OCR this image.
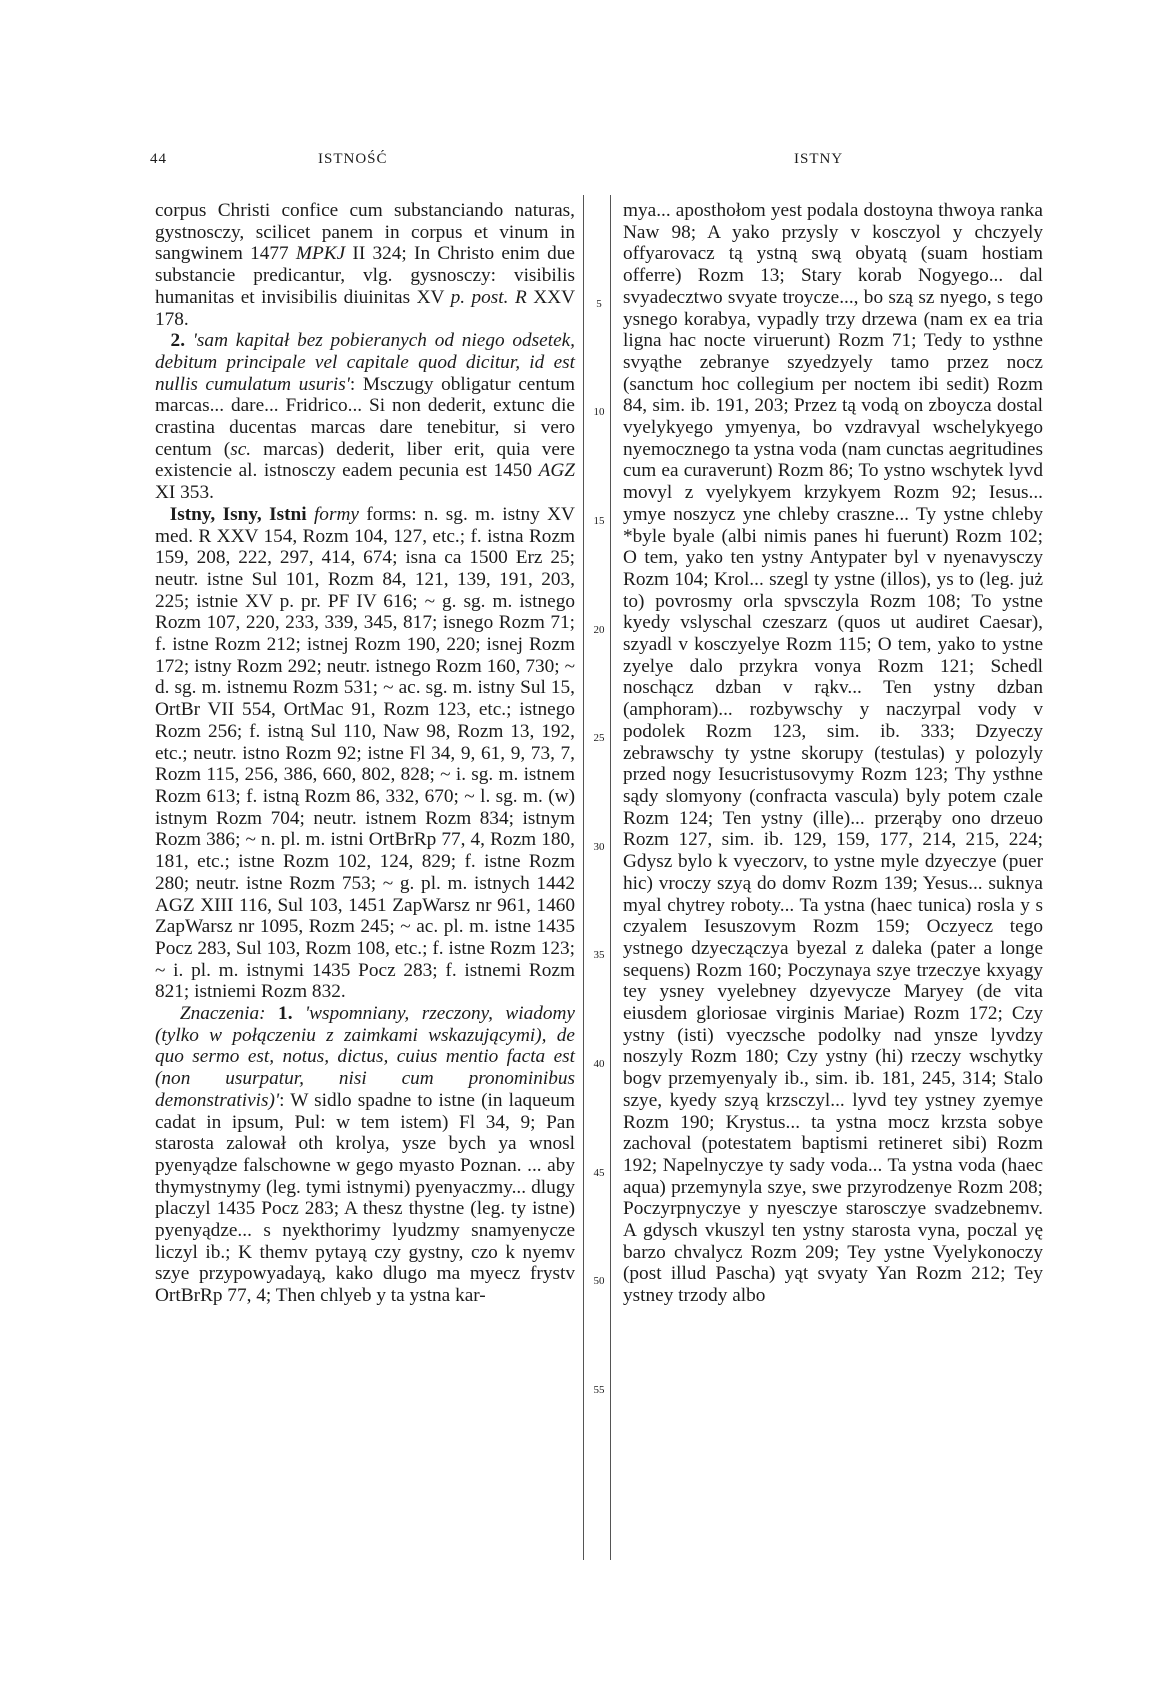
44	ISTNOŚĆ	ISTNY
5
10
15
20
25
30
35
40
45
50
55

corpus Christi confice cum substanciando naturas, gystnosczy, scilicet panem in corpus et vinum in sangwinem 1477 MPKJ II 324; In Christo enim due substancie predicantur, vlg. gysnosczy: visibilis humanitas et invisibilis diuinitas XV p. post. R XXV 178.

2. 'sam kapitał bez pobieranych od niego odsetek, debitum principale vel capitale quod dicitur, id est nullis cumulatum usuris': Msczugy obligatur centum marcas... dare... Fridrico... Si non dederit, extunc die crastina ducentas marcas dare tenebitur, si vero centum (sc. marcas) dederit, liber erit, quia vere existencie al. istnosczy eadem pecunia est 1450 AGZ XI 353.

Istny, Isny, Istni formy forms: n. sg. m. istny XV med. R XXV 154, Rozm 104, 127, etc.; f. istna Rozm 159, 208, 222, 297, 414, 674; isna ca 1500 Erz 25; neutr. istne Sul 101, Rozm 84, 121, 139, 191, 203, 225; istnie XV p. pr. PF IV 616; ~ g. sg. m. istnego Rozm 107, 220, 233, 339, 345, 817; isnego Rozm 71; f. istne Rozm 212; istnej Rozm 190, 220; isnej Rozm 172; istny Rozm 292; neutr. istnego Rozm 160, 730; ~ d. sg. m. istnemu Rozm 531; ~ ac. sg. m. istny Sul 15, OrtBr VII 554, OrtMac 91, Rozm 123, etc.; istnego Rozm 256; f. istną Sul 110, Naw 98, Rozm 13, 192, etc.; neutr. istno Rozm 92; istne Fl 34, 9, 61, 9, 73, 7, Rozm 115, 256, 386, 660, 802, 828; ~ i. sg. m. istnem Rozm 613; f. istną Rozm 86, 332, 670; ~ l. sg. m. (w) istnym Rozm 704; neutr. istnem Rozm 834; istnym Rozm 386; ~ n. pl. m. istni OrtBrRp 77, 4, Rozm 180, 181, etc.; istne Rozm 102, 124, 829; f. istne Rozm 280; neutr. istne Rozm 753; ~ g. pl. m. istnych 1442 AGZ XIII 116, Sul 103, 1451 ZapWarsz nr 961, 1460 ZapWarsz nr 1095, Rozm 245; ~ ac. pl. m. istne 1435 Pocz 283, Sul 103, Rozm 108, etc.; f. istne Rozm 123; ~ i. pl. m. istnymi 1435 Pocz 283; f. istnemi Rozm 821; istniemi Rozm 832.

Znaczenia: 1. 'wspomniany, rzeczony, wiadomy (tylko w połączeniu z zaimkami wskazującymi), de quo sermo est, notus, dictus, cuius mentio facta est (non usurpatur, nisi cum pronominibus demonstrativis)': W sidlo spadne to istne (in laqueum cadat in ipsum, Pul: w tem istem) Fl 34, 9; Pan starosta zalował oth krolya, ysze bych ya wnosl pyenyądze falschowne w gego myasto Poznan. ... aby thymystnymy (leg. tymi istnymi) pyenyaczmy... dlugy placzyl 1435 Pocz 283; A thesz thystne (leg. ty istne) pyenyądze... s nyekthorimy lyudzmy snamyenycze liczyl ib.; K themv pytayą czy gystny, czo k nyemv szye przypowyadayą, kako dlugo ma myecz frystv OrtBrRp 77, 4; Then chlyeb y ta ystna kar-

mya... aposthołom yest podala dostoyna thwoya ranka Naw 98; A yako przysly v kosczyol y chczyely offyarovacz tą ystną swą obyatą (suam hostiam offerre) Rozm 13; Stary korab Nogyego... dal svyadecztwo svyate troycze..., bo szą sz nyego, s tego ysnego korabya, vypadly trzy drzewa (nam ex ea tria ligna hac nocte viruerunt) Rozm 71; Tedy to ysthne svyąthe zebranye szyedzyely tamo przez nocz (sanctum hoc collegium per noctem ibi sedit) Rozm 84, sim. ib. 191, 203; Przez tą vodą on zboycza dostal vyelykyego ymyenya, bo vzdravyal wschelykyego nyemocznego ta ystna voda (nam cunctas aegritudines cum ea curaverunt) Rozm 86; To ystno wschytek lyvd movyl z vyelykyem krzykyem Rozm 92; Iesus... ymye noszycz yne chleby craszne... Ty ystne chleby *byle byale (albi nimis panes hi fuerunt) Rozm 102; O tem, yako ten ystny Antypater byl v nyenavysczy Rozm 104; Krol... szegl ty ystne (illos), ys to (leg. już to) povrosmy orla spvsczyla Rozm 108; To ystne kyedy vslyschal czeszarz (quos ut audiret Caesar), szyadl v kosczyelye Rozm 115; O tem, yako to ystne zyelye dalo przykra vonya Rozm 121; Schedl noschącz dzban v rąkv... Ten ystny dzban (amphoram)... rozbywschy y naczyrpal vody v podolek Rozm 123, sim. ib. 333; Dzyeczy zebrawschy ty ystne skorupy (testulas) y polozyly przed nogy Iesucristusovymy Rozm 123; Thy ysthne sądy slomyony (confracta vascula) byly potem czale Rozm 124; Ten ystny (ille)... przerąbу ono drzeuo Rozm 127, sim. ib. 129, 159, 177, 214, 215, 224; Gdysz bylo k vyeczorv, to ystne myle dzyeczye (puer hic) vroczy szyą do domv Rozm 139; Yesus... suknya myal chytrey roboty... Ta ystna (haec tunica) rosla y s czyalem Iesuszovym Rozm 159; Oczyecz tego ystnego dzyeczączya byezal z daleka (pater a longe sequens) Rozm 160; Poczynaya szye trzeczye kxyagy tey ysney vyelebney dzyevycze Maryey (de vita eiusdem gloriosae virginis Mariae) Rozm 172; Czy ystny (isti) vyeczsche podolky nad ynsze lyvdzy noszyly Rozm 180; Czy ystny (hi) rzeczy wschytky bogv przemyenyaly ib., sim. ib. 181, 245, 314; Stalo szye, kyedy szyą krzsczyl... lyvd tey ystney zyemye Rozm 190; Krystus... ta ystna mocz krzsta sobye zachoval (potestatem baptismi retineret sibi) Rozm 192; Napelnyczye ty sady voda... Ta ystna voda (haec aqua) przemynyla szye, swe przyrodzenye Rozm 208; Poczyrpnyczye y nyesczye starosczye svadzebnemv. A gdysch vkuszyl ten ystny starosta vyna, poczal yę barzo chvalycz Rozm 209; Tey ystne Vyelykonoczy (post illud Pascha) yąt svyaty Yan Rozm 212; Tey ystney trzody albo
